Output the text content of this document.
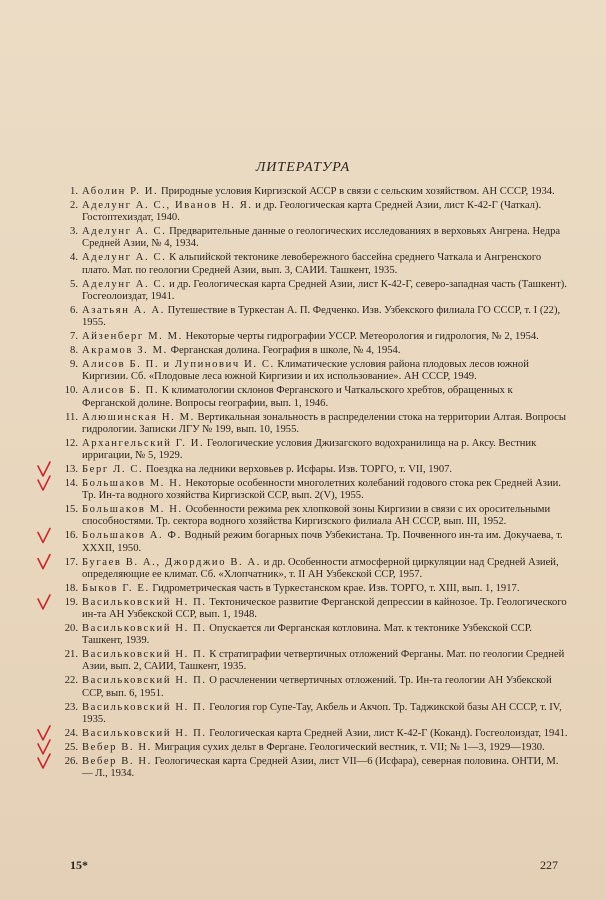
ЛИТЕРАТУРА
1. Аболин Р. И. Природные условия Киргизской АССР в связи с сельским хозяйством. АН СССР, 1934.
2. Аделунг А. С., Иванов Н. Я. и др. Геологическая карта Средней Азии, лист К-42-Г (Чаткал). Гостоптехиздат, 1940.
3. Аделунг А. С. Предварительные данные о геологических исследованиях в верховьях Ангрена. Недра Средней Азии, № 4, 1934.
4. Аделунг А. С. К альпийской тектонике левобережного бассейна среднего Чаткала и Ангренского плато. Мат. по геологии Средней Азии, вып. 3, САИИ. Ташкент, 1935.
5. Аделунг А. С. и др. Геологическая карта Средней Азии, лист К-42-Г, северо-западная часть (Ташкент). Госгеолоиздат, 1941.
6. Азатьян А. А. Путешествие в Туркестан А. П. Федченко. Изв. Узбекского филиала ГО СССР, т. I (22), 1955.
7. Айзенберг М. М. Некоторые черты гидрографии УССР. Метеорология и гидрология, № 2, 1954.
8. Акрамов З. М. Ферганская долина. География в школе, № 4, 1954.
9. Алисов Б. П. и Лупинович И. С. Климатические условия района плодовых лесов южной Киргизии. Сб. «Плодовые леса южной Киргизии и их использование». АН СССР, 1949.
10. Алисов Б. П. К климатологии склонов Ферганского и Чаткальского хребтов, обращенных к Ферганской долине. Вопросы географии, вып. 1, 1946.
11. Алюшинская Н. М. Вертикальная зональность в распределении стока на территории Алтая. Вопросы гидрологии. Записки ЛГУ № 199, вып. 10, 1955.
12. Архангельский Г. И. Геологические условия Джизагского водохранилища на р. Аксу. Вестник ирригации, № 5, 1929.
13. Берг Л. С. Поездка на ледники верховьев р. Исфары. Изв. ТОРГО, т. VII, 1907.
14. Большаков М. Н. Некоторые особенности многолетних колебаний годового стока рек Средней Азии. Тр. Ин-та водного хозяйства Киргизской ССР, вып. 2(V), 1955.
15. Большаков М. Н. Особенности режима рек хлопковой зоны Киргизии в связи с их оросительными способностями. Тр. сектора водного хозяйства Киргизского филиала АН СССР, вып. III, 1952.
16. Большаков А. Ф. Водный режим богарных почв Узбекистана. Тр. Почвенного ин-та им. Докучаева, т. XXXII, 1950.
17. Бугаев В. А., Джорджио В. А. и др. Особенности атмосферной циркуляции над Средней Азией, определяющие ее климат. Сб. «Хлопчатник», т. II АН Узбекской ССР, 1957.
18. Быков Г. Е. Гидрометрическая часть в Туркестанском крае. Изв. ТОРГО, т. XIII, вып. 1, 1917.
19. Васильковский Н. П. Тектоническое развитие Ферганской депрессии в кайнозое. Тр. Геологического ин-та АН Узбекской ССР, вып. 1, 1948.
20. Васильковский Н. П. Опускается ли Ферганская котловина. Мат. к тектонике Узбекской ССР. Ташкент, 1939.
21. Васильковский Н. П. К стратиграфии четвертичных отложений Ферганы. Мат. по геологии Средней Азии, вып. 2, САИИ, Ташкент, 1935.
22. Васильковский Н. П. О расчленении четвертичных отложений. Тр. Ин-та геологии АН Узбекской ССР, вып. 6, 1951.
23. Васильковский Н. П. Геология гор Супе-Тау, Акбель и Акчоп. Тр. Таджикской базы АН СССР, т. IV, 1935.
24. Васильковский Н. П. Геологическая карта Средней Азии, лист К-42-Г (Коканд). Госгеолоиздат, 1941.
25. Вебер В. Н. Миграция сухих дельт в Фергане. Геологический вестник, т. VII; № 1—3, 1929—1930.
26. Вебер В. Н. Геологическая карта Средней Азии, лист VII—6 (Исфара), северная половина. ОНТИ, М. — Л., 1934.
15*	227
